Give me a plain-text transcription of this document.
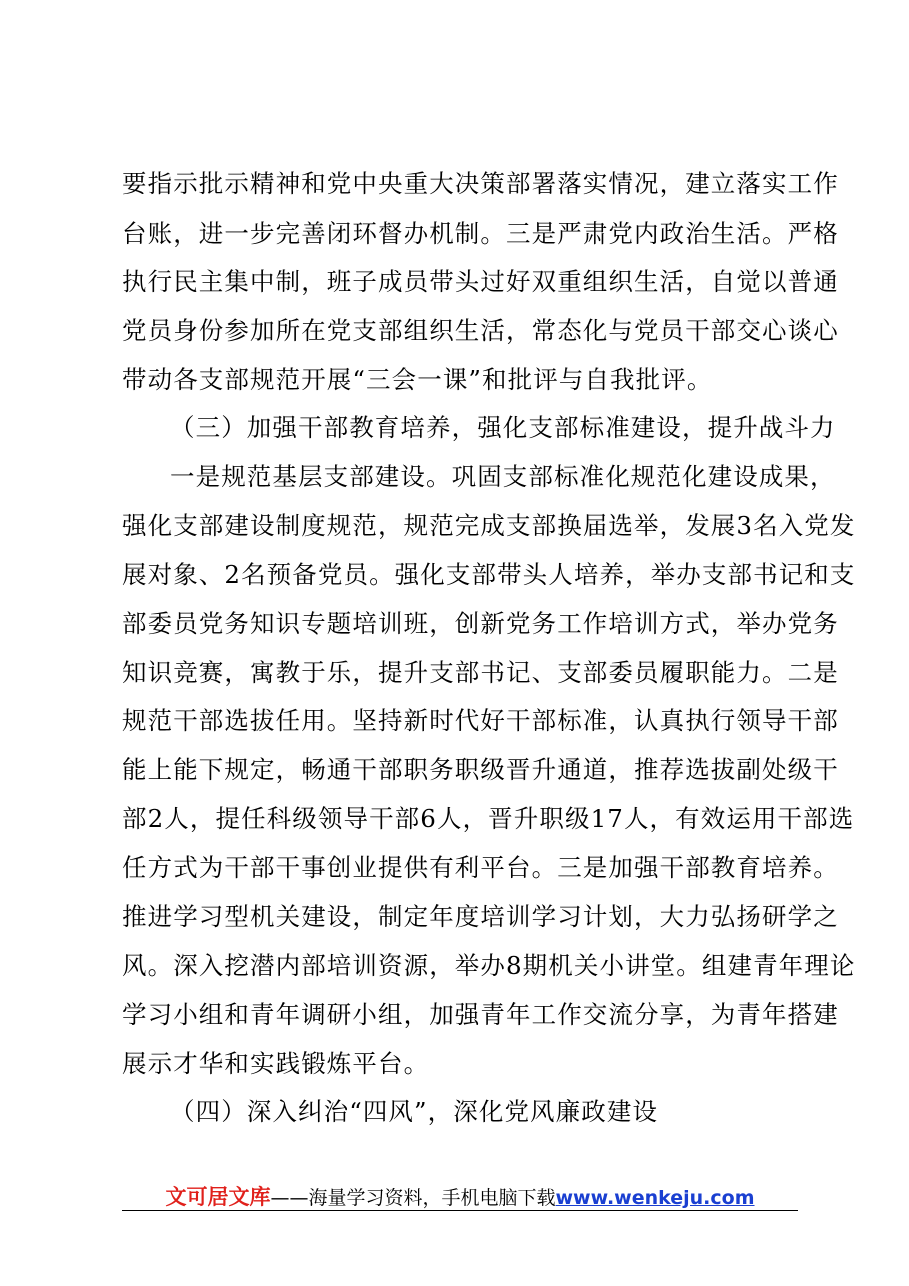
要指示批示精神和党中央重大决策部署落实情况，建立落实工作
台账，进一步完善闭环督办机制。三是严肃党内政治生活。严格
执行民主集中制，班子成员带头过好双重组织生活，自觉以普通
党员身份参加所在党支部组织生活，常态化与党员干部交心谈心
带动各支部规范开展“三会一课”和批评与自我批评。
（三）加强干部教育培养，强化支部标准建设，提升战斗力
一是规范基层支部建设。巩固支部标准化规范化建设成果，
强化支部建设制度规范，规范完成支部换届选举，发展3名入党发
展对象、2名预备党员。强化支部带头人培养，举办支部书记和支
部委员党务知识专题培训班，创新党务工作培训方式，举办党务
知识竞赛，寓教于乐，提升支部书记、支部委员履职能力。二是
规范干部选拔任用。坚持新时代好干部标准，认真执行领导干部
能上能下规定，畅通干部职务职级晋升通道，推荐选拔副处级干
部2人，提任科级领导干部6人，晋升职级17人，有效运用干部选
任方式为干部干事创业提供有利平台。三是加强干部教育培养。
推进学习型机关建设，制定年度培训学习计划，大力弘扬研学之
风。深入挖潜内部培训资源，举办8期机关小讲堂。组建青年理论
学习小组和青年调研小组，加强青年工作交流分享，为青年搭建
展示才华和实践锻炼平台。
（四）深入纠治“四风”，深化党风廉政建设
文可居文库——海量学习资料，手机电脑下载www.wenkeju.com
